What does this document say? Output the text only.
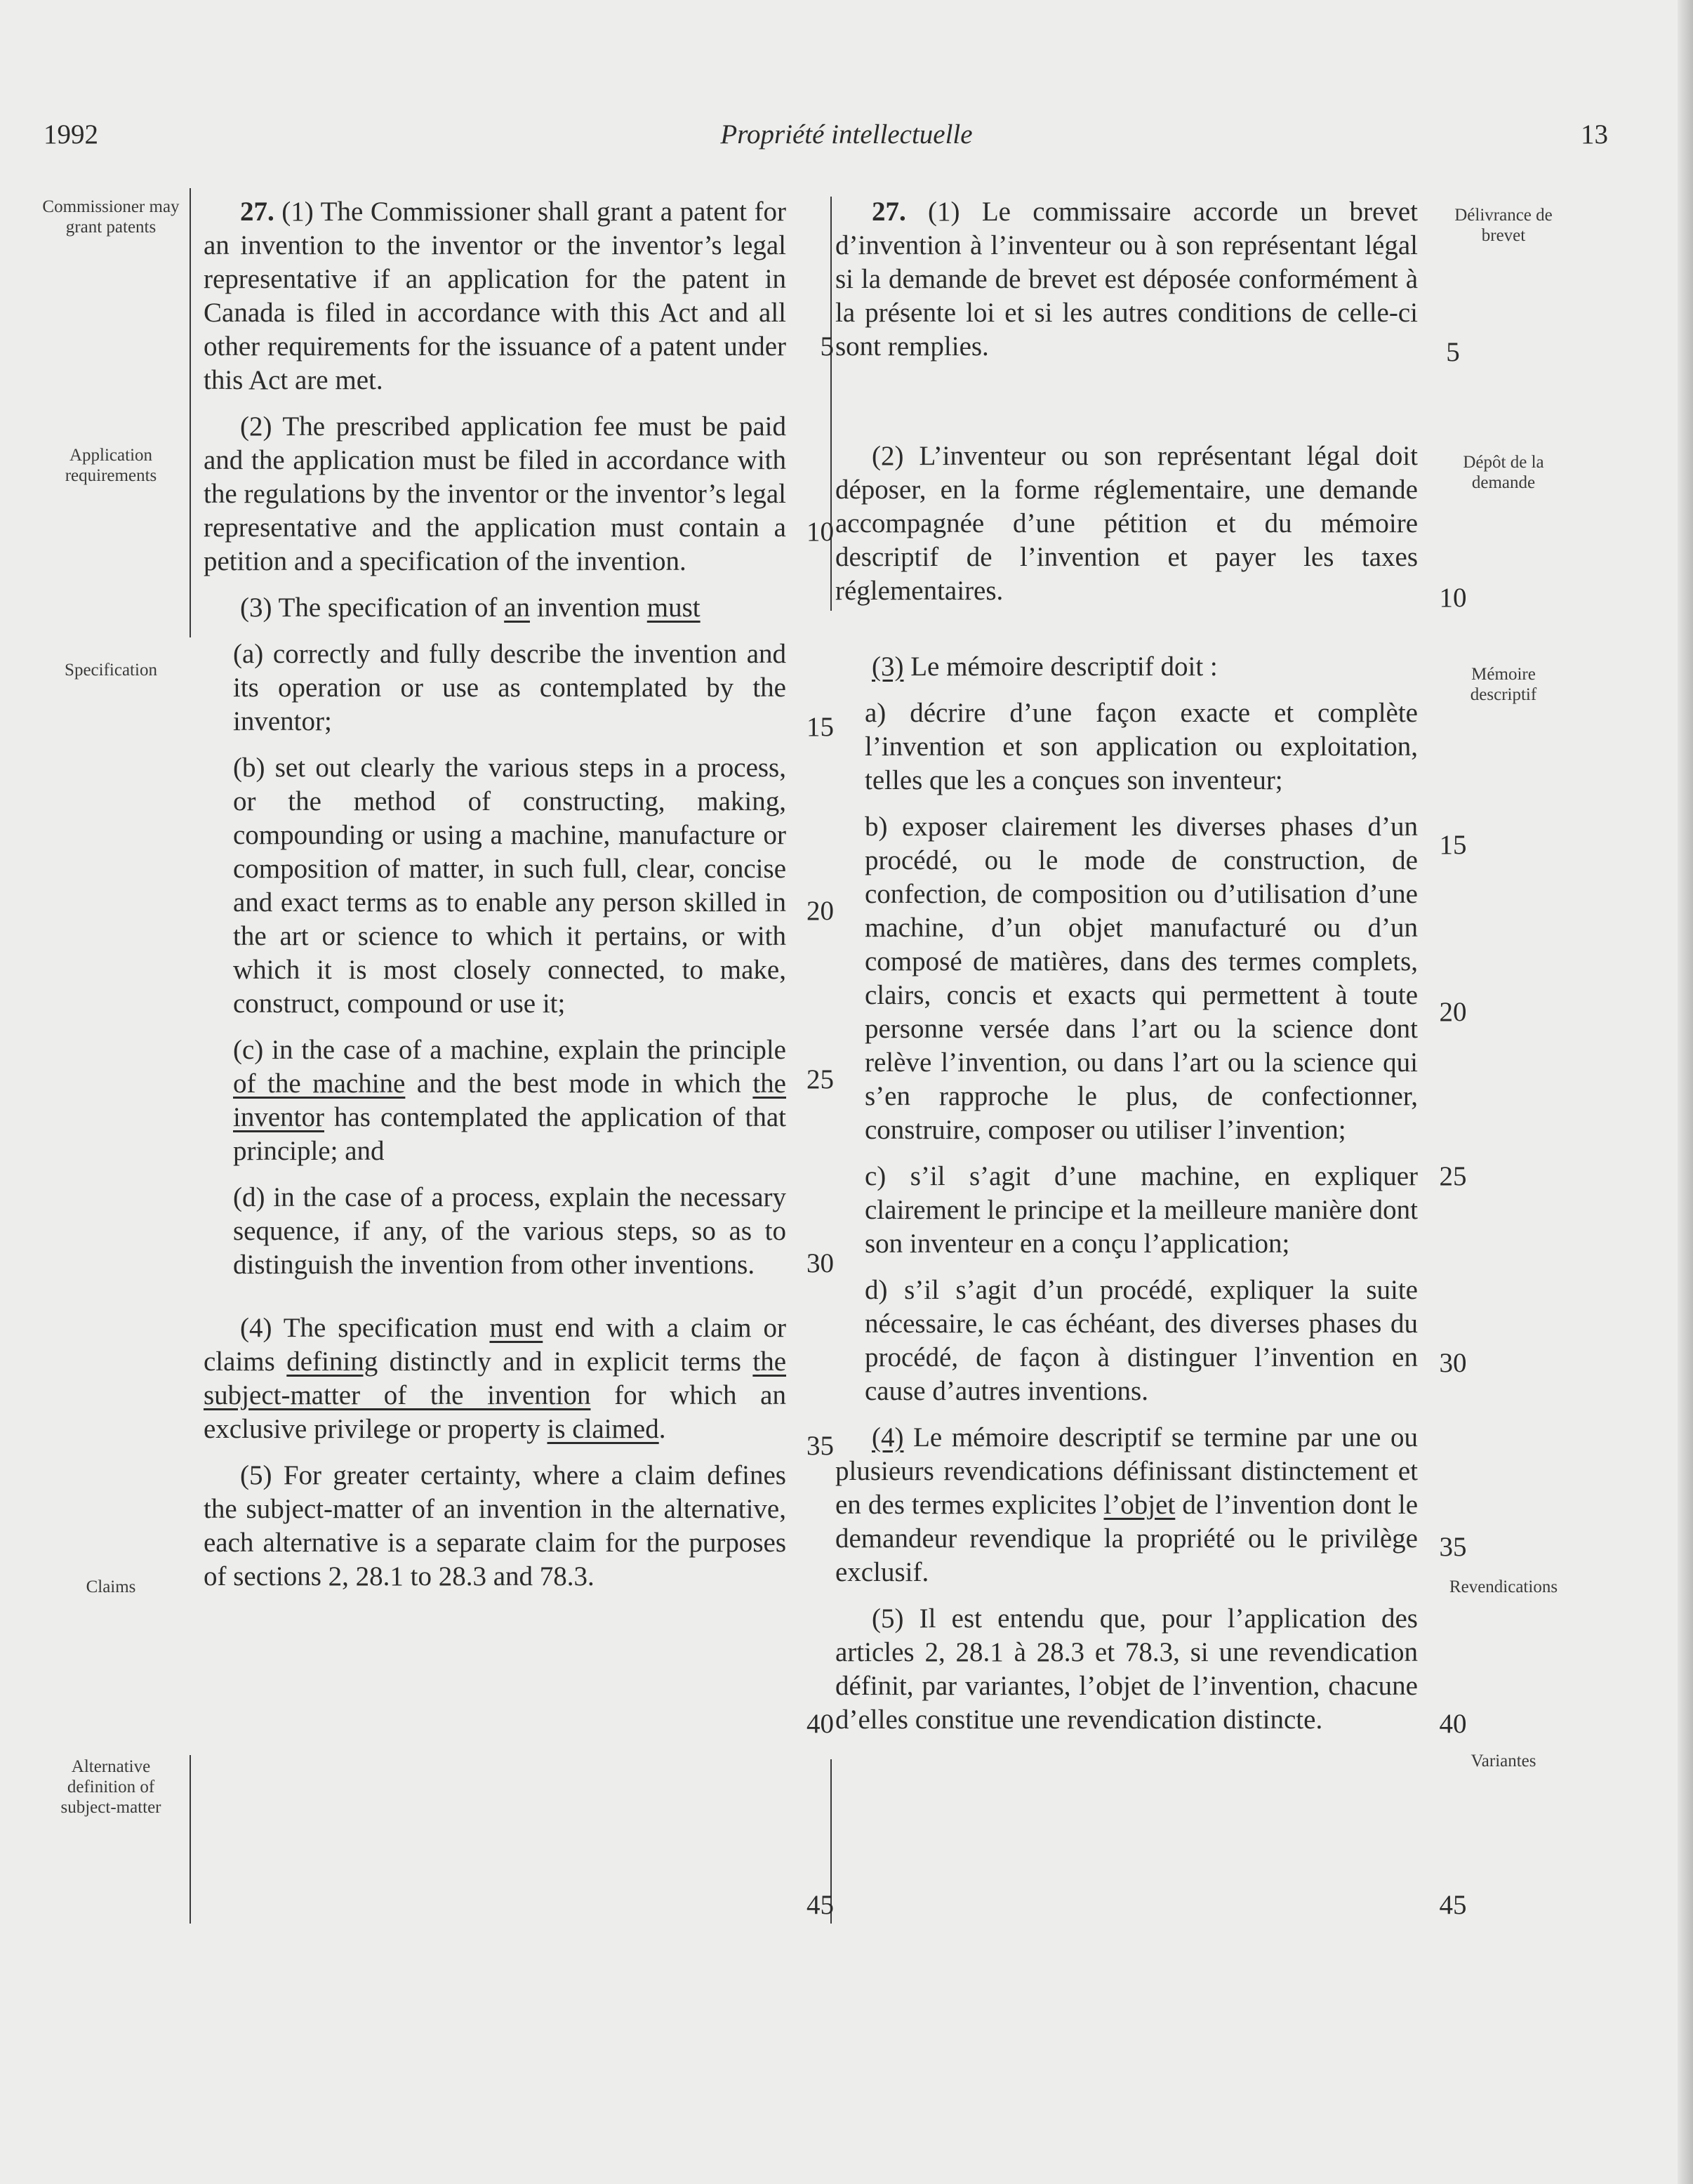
1992	Propriété intellectuelle	13
Commissioner may grant patents
Application requirements
Specification
Claims
Alternative definition of subject-matter
Délivrance de brevet
Dépôt de la demande
Mémoire descriptif
Revendications
Variantes

27. (1) The Commissioner shall grant a patent for an invention to the inventor or the inventor’s legal representative if an application for the patent in Canada is filed in accordance with this Act and all other requirements for the issuance of a patent under this Act are met.

(2) The prescribed application fee must be paid and the application must be filed in accordance with the regulations by the inventor or the inventor’s legal representative and the application must contain a petition and a specification of the invention.

(3) The specification of an invention must

(a) correctly and fully describe the invention and its operation or use as contemplated by the inventor;

(b) set out clearly the various steps in a process, or the method of constructing, making, compounding or using a machine, manufacture or composition of matter, in such full, clear, concise and exact terms as to enable any person skilled in the art or science to which it pertains, or with which it is most closely connected, to make, construct, compound or use it;

(c) in the case of a machine, explain the principle of the machine and the best mode in which the inventor has contemplated the application of that principle; and

(d) in the case of a process, explain the necessary sequence, if any, of the various steps, so as to distinguish the invention from other inventions.

(4) The specification must end with a claim or claims defining distinctly and in explicit terms the subject-matter of the invention for which an exclusive privilege or property is claimed.

(5) For greater certainty, where a claim defines the subject-matter of an invention in the alternative, each alternative is a separate claim for the purposes of sections 2, 28.1 to 28.3 and 78.3.

27. (1) Le commissaire accorde un brevet d’invention à l’inventeur ou à son représentant légal si la demande de brevet est déposée conformément à la présente loi et si les autres conditions de celle-ci sont remplies.

(2) L’inventeur ou son représentant légal doit déposer, en la forme réglementaire, une demande accompagnée d’une pétition et du mémoire descriptif de l’invention et payer les taxes réglementaires.

(3) Le mémoire descriptif doit :

a) décrire d’une façon exacte et complète l’invention et son application ou exploitation, telles que les a conçues son inventeur;

b) exposer clairement les diverses phases d’un procédé, ou le mode de construction, de confection, de composition ou d’utilisation d’une machine, d’un objet manufacturé ou d’un composé de matières, dans des termes complets, clairs, concis et exacts qui permettent à toute personne versée dans l’art ou la science dont relève l’invention, ou dans l’art ou la science qui s’en rapproche le plus, de confectionner, construire, composer ou utiliser l’invention;

c) s’il s’agit d’une machine, en expliquer clairement le principe et la meilleure manière dont son inventeur en a conçu l’application;

d) s’il s’agit d’un procédé, expliquer la suite nécessaire, le cas échéant, des diverses phases du procédé, de façon à distinguer l’invention en cause d’autres inventions.

(4) Le mémoire descriptif se termine par une ou plusieurs revendications définissant distinctement et en des termes explicites l’objet de l’invention dont le demandeur revendique la propriété ou le privilège exclusif.

(5) Il est entendu que, pour l’application des articles 2, 28.1 à 28.3 et 78.3, si une revendication définit, par variantes, l’objet de l’invention, chacune d’elles constitue une revendication distincte.

5
10
15
20
25
30
35
40
45
5
10
15
20
25
30
35
40
45
